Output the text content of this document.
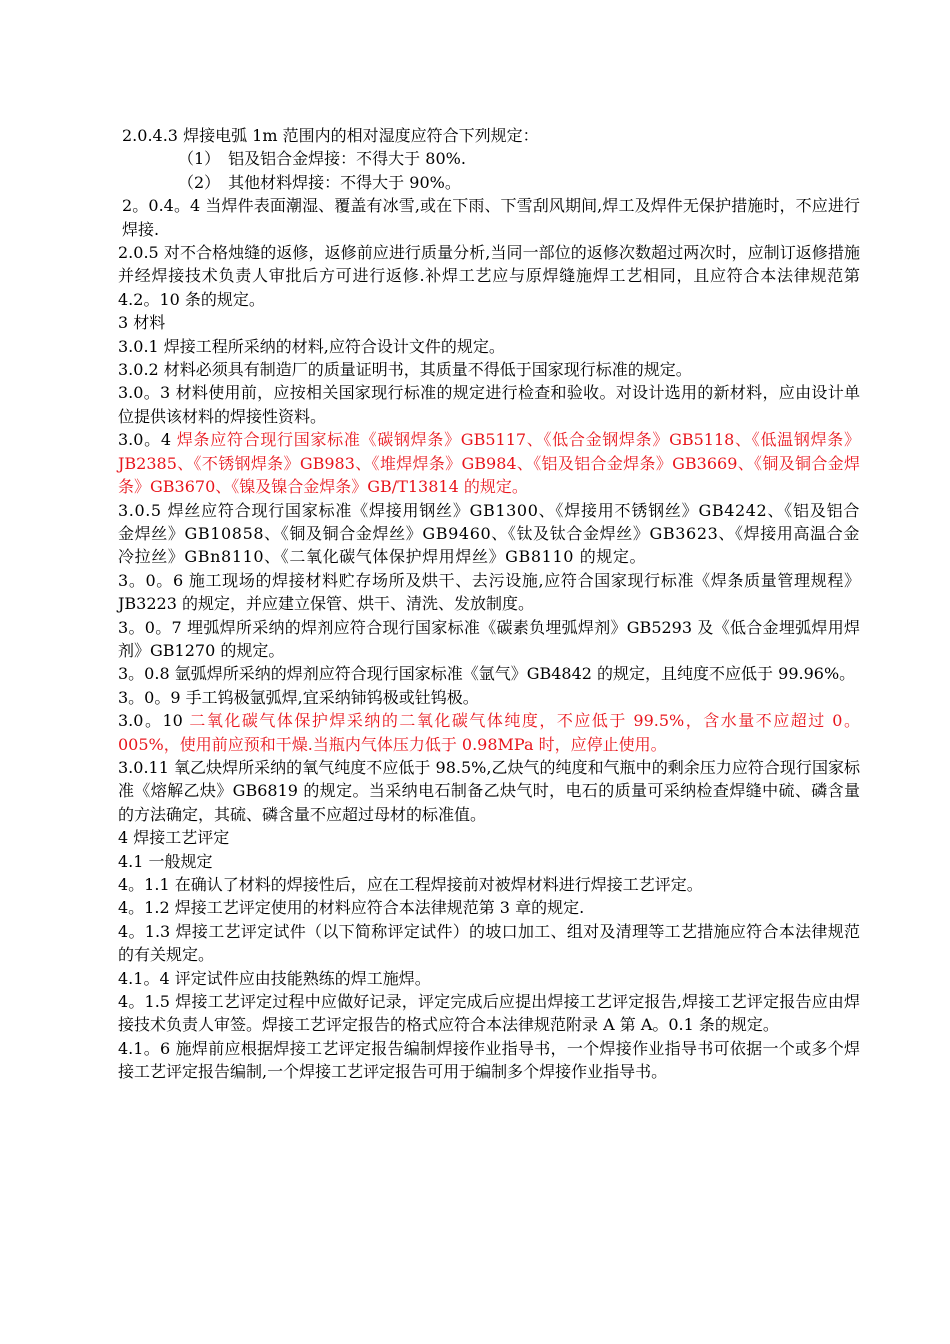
2.0.4.3 焊接电弧 1m 范围内的相对湿度应符合下列规定：

（1）　铝及铝合金焊接：不得大于 80%.

（2）　其他材料焊接：不得大于 90%。

2。0.4。4 当焊件表面潮湿、覆盖有冰雪,或在下雨、下雪刮风期间,焊工及焊件无保护措施时，不应进行焊接.

2.0.5 对不合格烛缝的返修，返修前应进行质量分析,当同一部位的返修次数超过两次时，应制订返修措施并经焊接技术负责人审批后方可进行返修.补焊工艺应与原焊缝施焊工艺相同，且应符合本法律规范第 4.2。10 条的规定。

3 材料

3.0.1 焊接工程所采纳的材料,应符合设计文件的规定。

3.0.2 材料必须具有制造厂的质量证明书，其质量不得低于国家现行标准的规定。

3.0。3 材料使用前，应按相关国家现行标准的规定进行检查和验收。对设计选用的新材料，应由设计单位提供该材料的焊接性资料。

3.0。4 焊条应符合现行国家标准《碳钢焊条》GB5117、《低合金钢焊条》GB5118、《低温钢焊条》JB2385、《不锈钢焊条》GB983、《堆焊焊条》GB984、《铝及铝合金焊条》GB3669、《铜及铜合金焊条》GB3670、《镍及镍合金焊条》GB/T13814 的规定。

3.0.5 焊丝应符合现行国家标准《焊接用钢丝》GB1300、《焊接用不锈钢丝》GB4242、《铝及铝合金焊丝》GB10858、《铜及铜合金焊丝》GB9460、《钛及钛合金焊丝》GB3623、《焊接用高温合金冷拉丝》GBn8110、《二氧化碳气体保护焊用焊丝》GB8110 的规定。

3。0。6 施工现场的焊接材料贮存场所及烘干、去污设施,应符合国家现行标准《焊条质量管理规程》JB3223 的规定，并应建立保管、烘干、清洗、发放制度。

3。0。7 埋弧焊所采纳的焊剂应符合现行国家标准《碳素负埋弧焊剂》GB5293 及《低合金埋弧焊用焊剂》GB1270 的规定。

3。0.8 氩弧焊所采纳的焊剂应符合现行国家标准《氩气》GB4842 的规定，且纯度不应低于 99.96%。

3。0。9 手工钨极氩弧焊,宜采纳铈钨极或钍钨极。

3.0。10 二氧化碳气体保护焊采纳的二氧化碳气体纯度，不应低于 99.5%，含水量不应超过 0。005%，使用前应预和干燥.当瓶内气体压力低于 0.98MPa 时，应停止使用。

3.0.11 氧乙炔焊所采纳的氧气纯度不应低于 98.5%,乙炔气的纯度和气瓶中的剩余压力应符合现行国家标准《熔解乙炔》GB6819 的规定。当采纳电石制备乙炔气时，电石的质量可采纳检查焊缝中硫、磷含量的方法确定，其硫、磷含量不应超过母材的标准值。

4 焊接工艺评定

4.1 一般规定

4。1.1 在确认了材料的焊接性后，应在工程焊接前对被焊材料进行焊接工艺评定。

4。1.2 焊接工艺评定使用的材料应符合本法律规范第 3 章的规定.

4。1.3 焊接工艺评定试件（以下简称评定试件）的坡口加工、组对及清理等工艺措施应符合本法律规范的有关规定。

4.1。4 评定试件应由技能熟练的焊工施焊。

4。1.5 焊接工艺评定过程中应做好记录，评定完成后应提出焊接工艺评定报告,焊接工艺评定报告应由焊接技术负责人审签。焊接工艺评定报告的格式应符合本法律规范附录 A 第 A。0.1 条的规定。

4.1。6 施焊前应根据焊接工艺评定报告编制焊接作业指导书，一个焊接作业指导书可依据一个或多个焊接工艺评定报告编制,一个焊接工艺评定报告可用于编制多个焊接作业指导书。
